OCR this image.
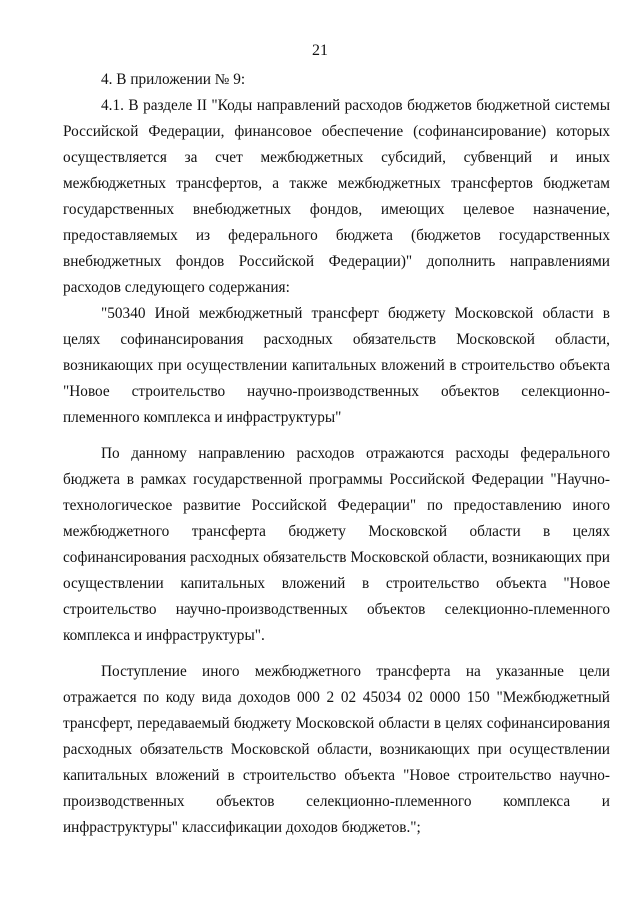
21

4. В приложении № 9:

4.1. В разделе II "Коды направлений расходов бюджетов бюджетной системы Российской Федерации, финансовое обеспечение (софинансирование) которых осуществляется за счет межбюджетных субсидий, субвенций и иных межбюджетных трансфертов, а также межбюджетных трансфертов бюджетам государственных внебюджетных фондов, имеющих целевое назначение, предоставляемых из федерального бюджета (бюджетов государственных внебюджетных фондов Российской Федерации)" дополнить направлениями расходов следующего содержания:

"50340 Иной межбюджетный трансферт бюджету Московской области в целях софинансирования расходных обязательств Московской области, возникающих при осуществлении капитальных вложений в строительство объекта "Новое строительство научно-производственных объектов селекционно-племенного комплекса и инфраструктуры"

По данному направлению расходов отражаются расходы федерального бюджета в рамках государственной программы Российской Федерации "Научно-технологическое развитие Российской Федерации" по предоставлению иного межбюджетного трансферта бюджету Московской области в целях софинансирования расходных обязательств Московской области, возникающих при осуществлении капитальных вложений в строительство объекта "Новое строительство научно-производственных объектов селекционно-племенного комплекса и инфраструктуры".

Поступление иного межбюджетного трансферта на указанные цели отражается по коду вида доходов 000 2 02 45034 02 0000 150 "Межбюджетный трансферт, передаваемый бюджету Московской области в целях софинансирования расходных обязательств Московской области, возникающих при осуществлении капитальных вложений в строительство объекта "Новое строительство научно-производственных объектов селекционно-племенного комплекса и инфраструктуры" классификации доходов бюджетов.";
